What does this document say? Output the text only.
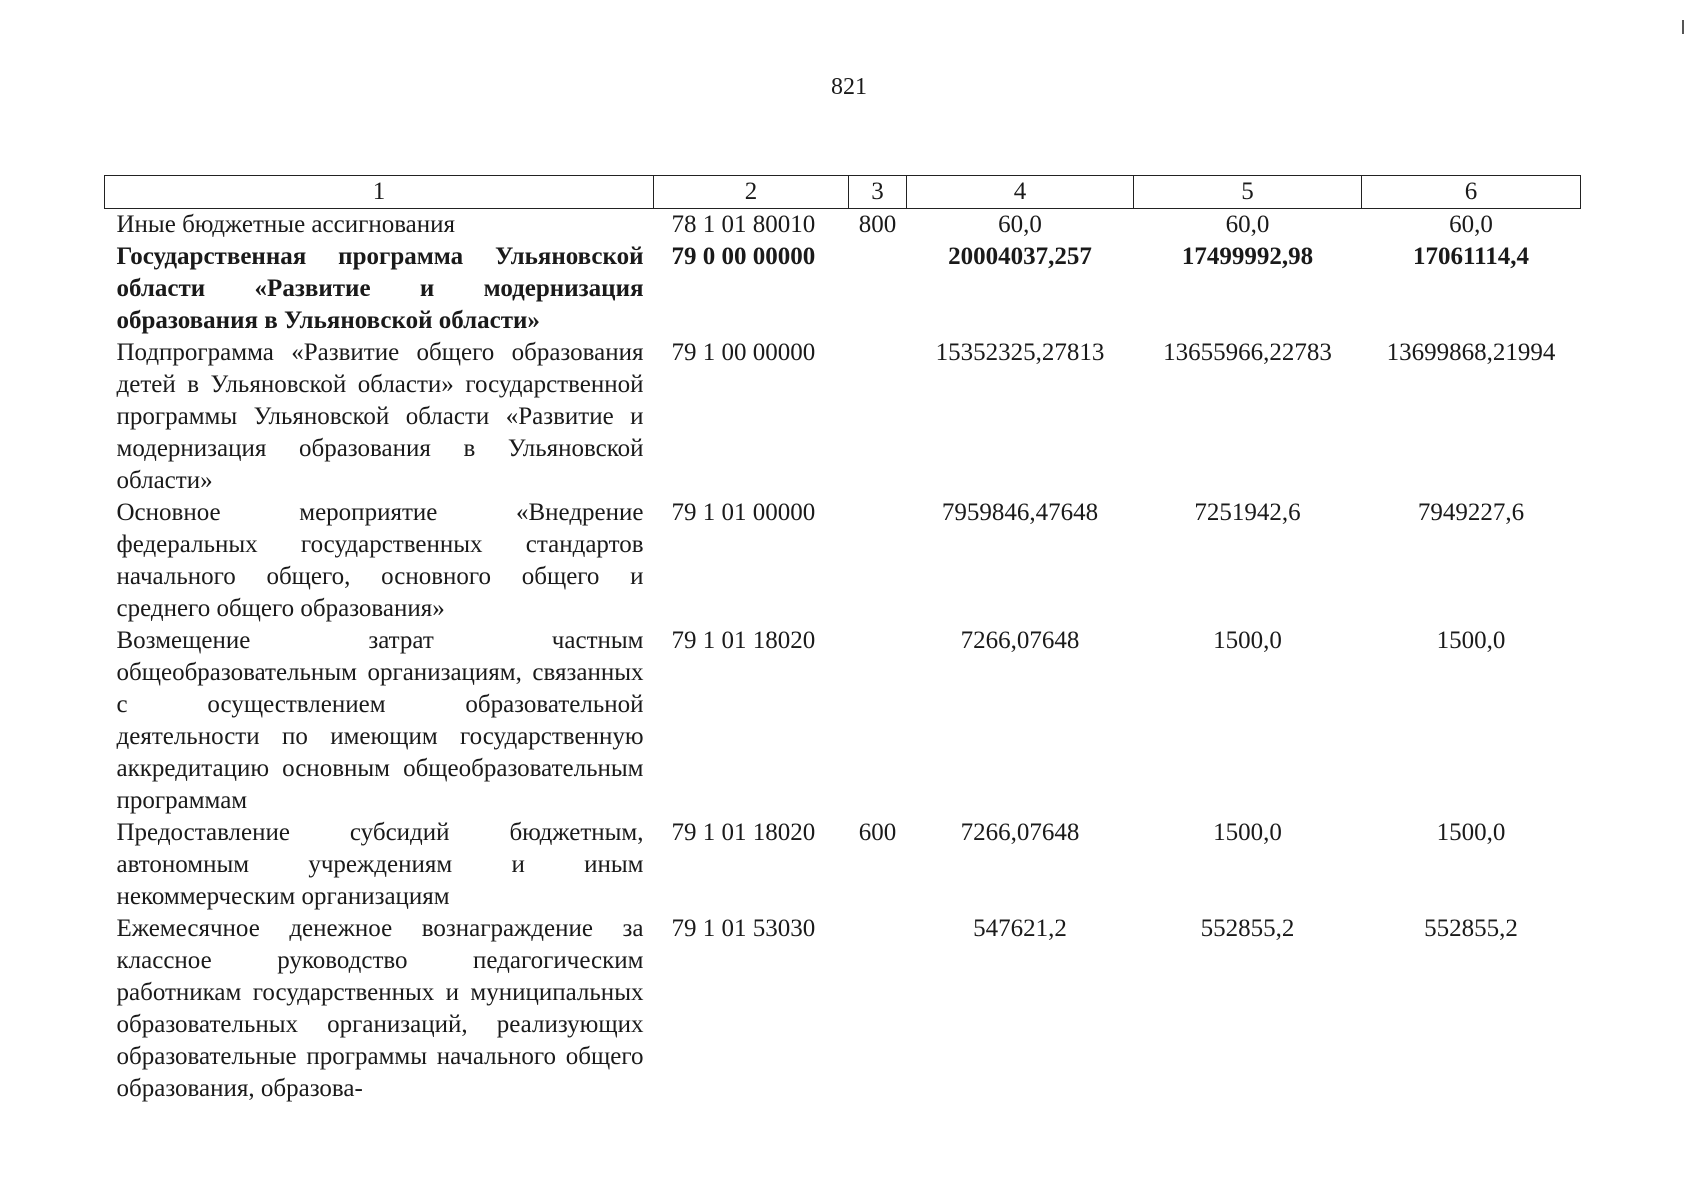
821
1	2	3	4	5	6
Иные бюджетные ассигнования	78 1 01 80010	800	60,0	60,0	60,0
Государственная программа Ульяновской области «Развитие и модернизация образования в Ульяновской области»	79 0 00 00000		20004037,257	17499992,98	17061114,4
Подпрограмма «Развитие общего образования детей в Ульяновской области» государственной программы Ульяновской области «Развитие и модернизация образования в Ульяновской области»	79 1 00 00000		15352325,27813	13655966,22783	13699868,21994
Основное мероприятие «Внедрение федеральных государственных стандартов начального общего, основного общего и среднего общего образования»	79 1 01 00000		7959846,47648	7251942,6	7949227,6
Возмещение затрат частным общеобразовательным организациям, связанных с осуществлением образовательной деятельности по имеющим государственную аккредитацию основным общеобразовательным программам	79 1 01 18020		7266,07648	1500,0	1500,0
Предоставление субсидий бюджетным, автономным учреждениям и иным некоммерческим организациям	79 1 01 18020	600	7266,07648	1500,0	1500,0
Ежемесячное денежное вознаграждение за классное руководство педагогическим работникам государственных и муниципальных образовательных организаций, реализующих образовательные программы начального общего образования, образова-	79 1 01 53030		547621,2	552855,2	552855,2
